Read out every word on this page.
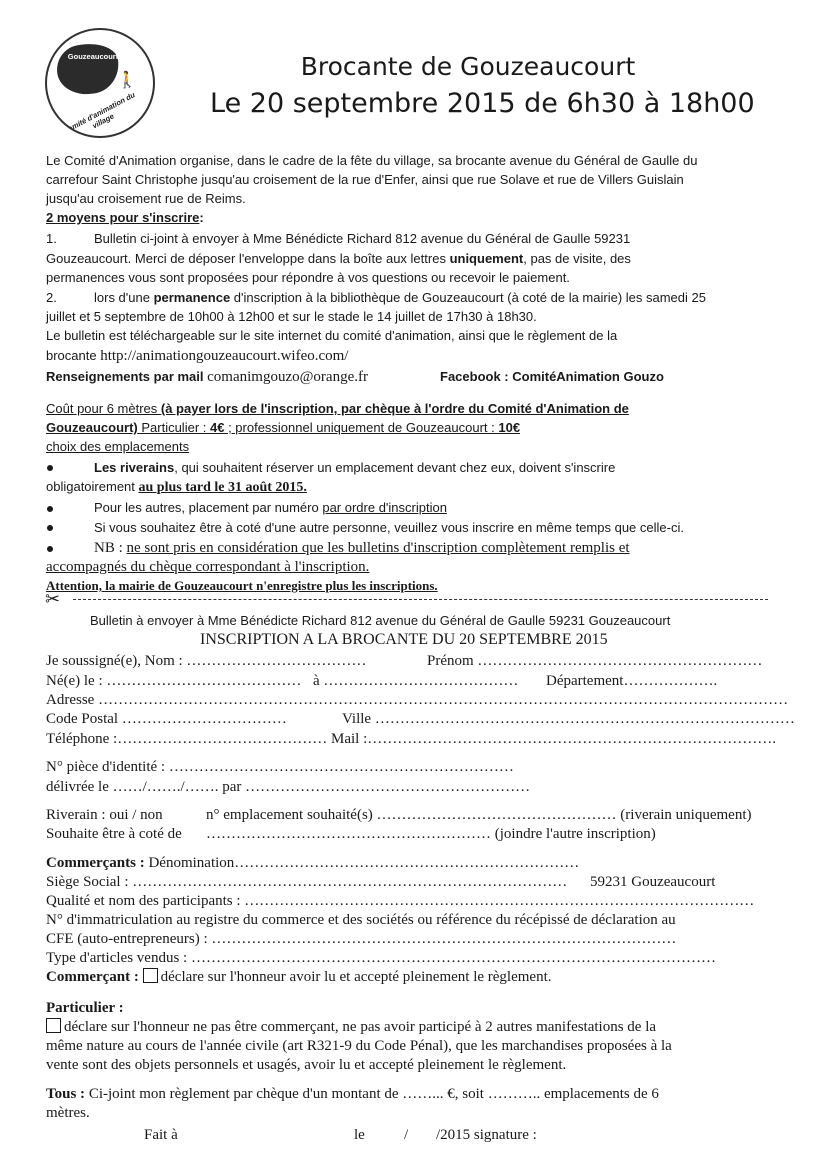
Gouzeaucourt
🚶
Comité d'animation du village
Brocante de Gouzeaucourt
Le 20 septembre 2015 de 6h30 à 18h00
Le Comité d'Animation organise, dans le cadre de la fête du village, sa brocante avenue du Général de Gaulle du
carrefour Saint Christophe jusqu'au croisement de la rue d'Enfer, ainsi que rue Solave et rue de Villers Guislain
jusqu'au croisement rue de Reims.
2 moyens pour s'inscrire:
1.	Bulletin ci-joint à envoyer à Mme Bénédicte Richard 812 avenue du Général de Gaulle 59231
Gouzeaucourt. Merci de déposer l'enveloppe dans la boîte aux lettres uniquement, pas de visite, des
permanences vous sont proposées pour répondre à vos questions ou recevoir le paiement.
2.	lors d'une permanence d'inscription à la bibliothèque de Gouzeaucourt (à coté de la mairie) les samedi 25
juillet et 5 septembre de 10h00 à 12h00 et sur le stade le 14 juillet de 17h30 à 18h30.
Le bulletin est téléchargeable sur le site internet du comité d'animation, ainsi que le règlement de la
brocante http://animationgouzeaucourt.wifeo.com/
Renseignements par mail comanimgouzo@orange.fr	Facebook : ComitéAnimation Gouzo
Coût pour 6 mètres (à payer lors de l'inscription, par chèque à l'ordre du Comité d'Animation de
Gouzeaucourt) Particulier : 4€ ; professionnel uniquement de Gouzeaucourt : 10€
choix des emplacements
Les riverains, qui souhaitent réserver un emplacement devant chez eux, doivent s'inscrire
obligatoirement au plus tard le 31 août 2015.
Pour les autres, placement par numéro par ordre d'inscription
Si vous souhaitez être à coté d'une autre personne, veuillez vous inscrire en même temps que celle-ci.
NB : ne sont pris en considération que les bulletins d'inscription complètement remplis et
accompagnés du chèque correspondant à l'inscription.
Attention, la mairie de Gouzeaucourt n'enregistre plus les inscriptions.
✂
Bulletin à envoyer à Mme Bénédicte Richard 812 avenue du Général de Gaulle 59231 Gouzeaucourt
INSCRIPTION A LA BROCANTE DU 20 SEPTEMBRE 2015
Je soussigné(e), Nom : ………………………………	Prénom …………………………………………………
Né(e) le : ………………………………… à ………………………………… Département……………….
Adresse …………………………………………………………………………………………………………………………
Code Postal ……………………………	Ville …………………………………………………………………………
Téléphone :…………………………………… Mail :……………………………………………………………………….
N° pièce d'identité : ……………………………………………………………
délivrée le ……/……./……. par …………………………………………………
Riverain : oui / non	n° emplacement souhaité(s) ………………………………………… (riverain uniquement)
Souhaite être à coté de ………………………………………………… (joindre l'autre inscription)
Commerçants : Dénomination……………………………………………………………
Siège Social : …………………………………………………………………………… 59231 Gouzeaucourt
Qualité et nom des participants : …………………………………………………………………………………………
N° d'immatriculation au registre du commerce et des sociétés ou référence du récépissé de déclaration au
CFE (auto-entrepreneurs) : …………………………………………………………………………………
Type d'articles vendus : ……………………………………………………………………………………………
Commerçant : déclare sur l'honneur avoir lu et accepté pleinement le règlement.
Particulier :
déclare sur l'honneur ne pas être commerçant, ne pas avoir participé à 2 autres manifestations de la
même nature au cours de l'année civile (art R321-9 du Code Pénal), que les marchandises proposées à la
vente sont des objets personnels et usagés, avoir lu et accepté pleinement le règlement.
Tous : Ci-joint mon règlement par chèque d'un montant de ……... €, soit ……….. emplacements de 6
mètres.
Fait à	le	/ /2015 signature :
